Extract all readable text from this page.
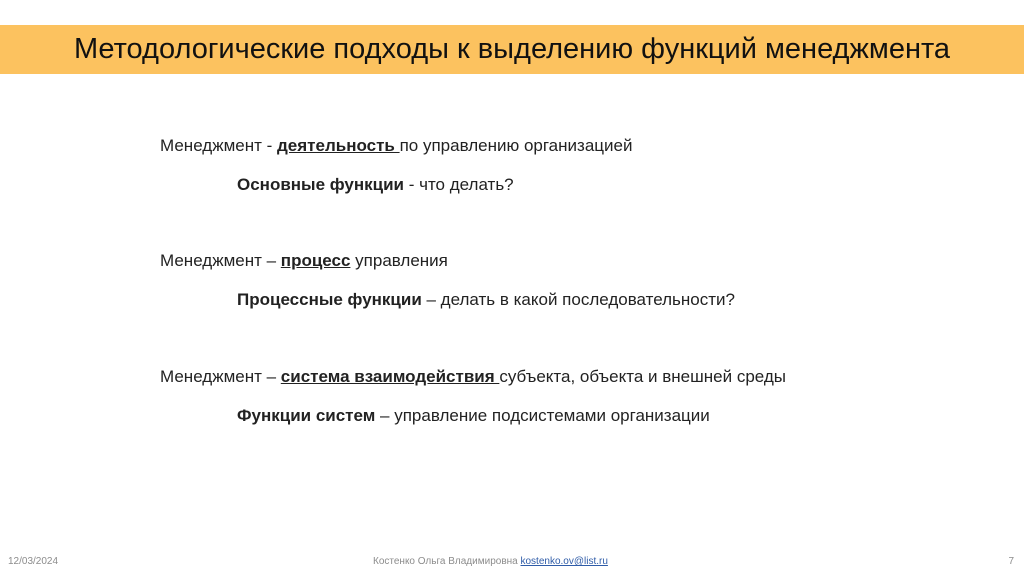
Методологические подходы к выделению функций менеджмента
Менеджмент - деятельность по управлению организацией
Основные функции - что делать?
Менеджмент – процесс управления
Процессные функции – делать в какой последовательности?
Менеджмент – система взаимодействия субъекта, объекта и внешней среды
Функции систем – управление подсистемами организации
12/03/2024	Костенко Ольга Владимировна kostenko.ov@list.ru	7
